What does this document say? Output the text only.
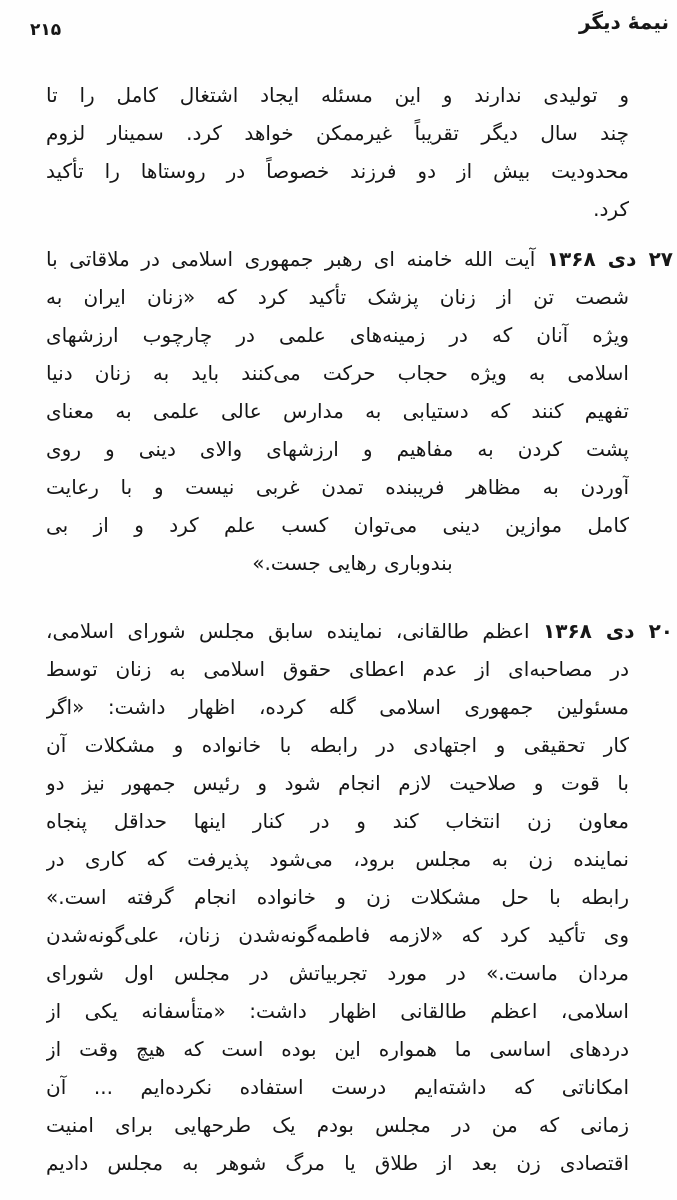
نیمهٔ دیگر
۲۱۵
و تولیدی ندارند و این مسئله ایجاد اشتغال کامل را تا
چند سال دیگر تقریباً غیرممکن خواهد کرد. سمینار لزوم
محدودیت بیش از دو فرزند خصوصاً در روستاها را تأکید
کرد.
۲۷ دی ۱۳۶۸ آیت الله خامنه ای رهبر جمهوری اسلامی در ملاقاتی با
شصت تن از زنان پزشک تأکید کرد که «زنان ایران به
ویژه آنان که در زمینه‌های علمی در چارچوب ارزشهای
اسلامی به ویژه حجاب حرکت می‌کنند باید به زنان دنیا
تفهیم کنند که دستیابی به مدارس عالی علمی به معنای
پشت کردن به مفاهیم و ارزشهای والای دینی و روی
آوردن به مظاهر فریبنده تمدن غربی نیست و با رعایت
کامل موازین دینی می‌توان کسب علم کرد و از بی
بندوباری رهایی جست.»
۲۰ دی ۱۳۶۸ اعظم طالقانی، نماینده سابق مجلس شورای اسلامی،
در مصاحبه‌ای از عدم اعطای حقوق اسلامی به زنان توسط
مسئولین جمهوری اسلامی گله کرده، اظهار داشت: «اگر
کار تحقیقی و اجتهادی در رابطه با خانواده و مشکلات آن
با قوت و صلاحیت لازم انجام شود و رئیس جمهور نیز دو
معاون زن انتخاب کند و در کنار اینها حداقل پنجاه
نماینده زن به مجلس برود، می‌شود پذیرفت که کاری در
رابطه با حل مشکلات زن و خانواده انجام گرفته است.»
وی تأکید کرد که «لازمه فاطمه‌گونه‌شدن زنان، علی‌گونه‌شدن
مردان ماست.» در مورد تجربیاتش در مجلس اول شورای
اسلامی، اعظم طالقانی اظهار داشت: «متأسفانه یکی از
دردهای اساسی ما همواره این بوده است که هیچ وقت از
امکاناتی که داشته‌ایم درست استفاده نکرده‌ایم ... آن
زمانی که من در مجلس بودم یک طرحهایی برای امنیت
اقتصادی زن بعد از طلاق یا مرگ شوهر به مجلس دادیم
